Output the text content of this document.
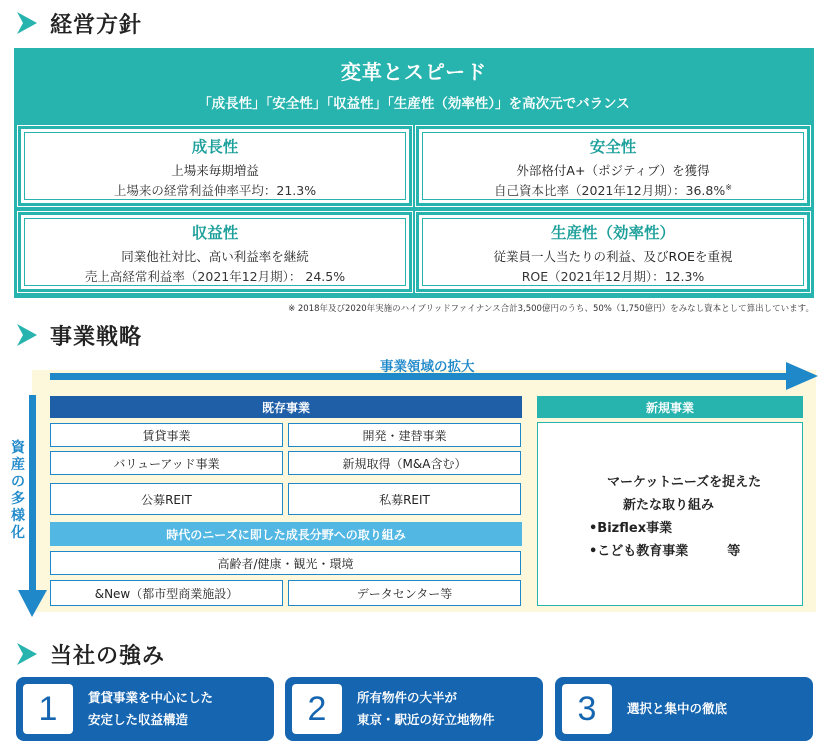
経営方針
変革とスピード
「成長性」「安全性」「収益性」「生産性（効率性）」を高次元でバランス
成長性
上場来毎期増益
上場来の経常利益伸率平均：21.3%
安全性
外部格付A+（ポジティブ）を獲得
自己資本比率（2021年12月期）：36.8%※
収益性
同業他社対比、高い利益率を継続
売上高経常利益率（2021年12月期）： 24.5%
生産性（効率性）
従業員一人当たりの利益、及びROEを重視
ROE（2021年12月期）：12.3%
※ 2018年及び2020年実施のハイブリッドファイナンス合計3,500億円のうち、50%（1,750億円）をみなし資本として算出しています。
事業戦略
事業領域の拡大
資産の多様化
既存事業
賃貸事業	開発・建替事業
バリューアッド事業	新規取得（M&A含む）
公募REIT	私募REIT
時代のニーズに即した成長分野への取り組み
高齢者/健康・観光・環境
&New（都市型商業施設）	データセンター等
新規事業
マーケットニーズを捉えた
新たな取り組み
•Bizflex事業
•こども教育事業　　　等
当社の強み
1	賃貸事業を中心にした
安定した収益構造	2	所有物件の大半が
東京・駅近の好立地物件	3	選択と集中の徹底
